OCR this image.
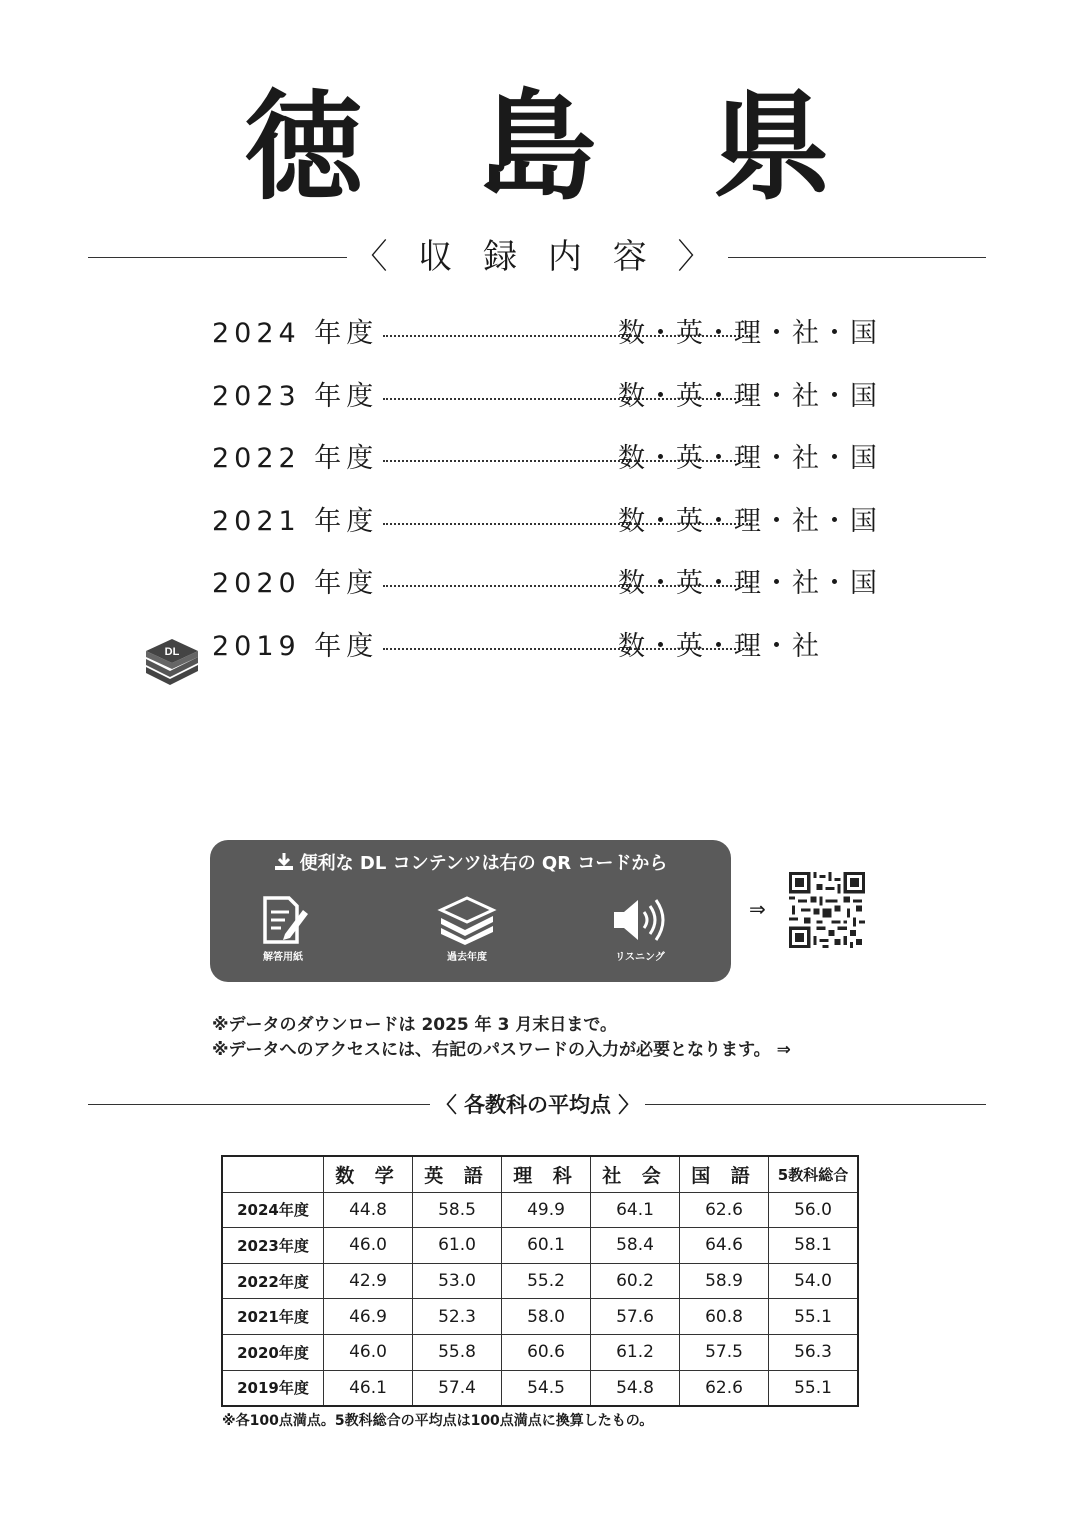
徳 島 県
〈 収 録 内 容 〉
2024 年度	数・英・理・社・国
2023 年度	数・英・理・社・国
2022 年度	数・英・理・社・国
2021 年度	数・英・理・社・国
2020 年度	数・英・理・社・国
DL 2019 年度	数・英・理・社
便利な DL コンテンツは右の QR コードから
解答用紙	過去年度	リスニング
⇒
※データのダウンロードは 2025 年 3 月末日まで。
※データへのアクセスには、右記のパスワードの入力が必要となります。 ⇒
〈 各教科の平均点 〉
	数 学	英 語	理 科	社 会	国 語	5教科総合
2024年度	44.8	58.5	49.9	64.1	62.6	56.0
2023年度	46.0	61.0	60.1	58.4	64.6	58.1
2022年度	42.9	53.0	55.2	60.2	58.9	54.0
2021年度	46.9	52.3	58.0	57.6	60.8	55.1
2020年度	46.0	55.8	60.6	61.2	57.5	56.3
2019年度	46.1	57.4	54.5	54.8	62.6	55.1
※各100点満点。5教科総合の平均点は100点満点に換算したもの。
